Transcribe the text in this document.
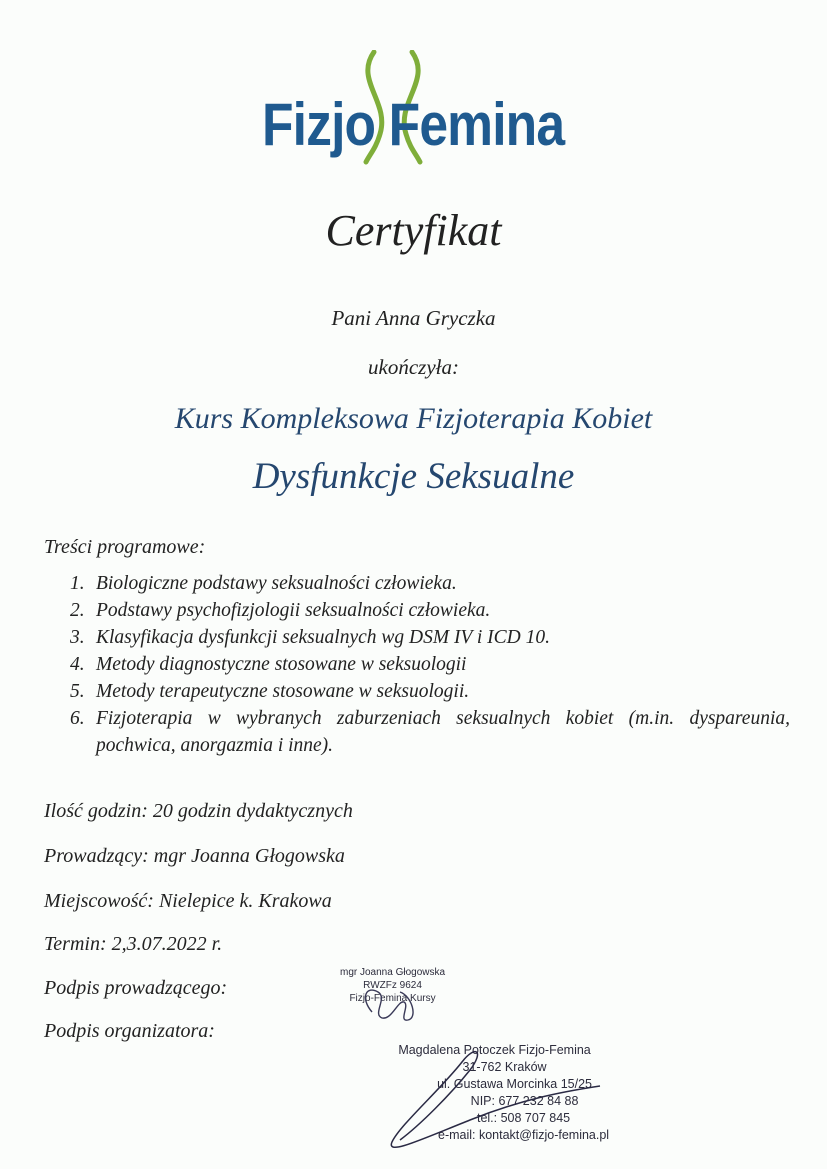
Fizjo Femina
Certyfikat
Pani Anna Gryczka
ukończyła:
Kurs Kompleksowa Fizjoterapia Kobiet
Dysfunkcje Seksualne
Treści programowe:
1. Biologiczne podstawy seksualności człowieka.
2. Podstawy psychofizjologii seksualności człowieka.
3. Klasyfikacja dysfunkcji seksualnych wg DSM IV i ICD 10.
4. Metody diagnostyczne stosowane w seksuologii
5. Metody terapeutyczne stosowane w seksuologii.
6. Fizjoterapia w wybranych zaburzeniach seksualnych kobiet (m.in. dyspareunia, pochwica, anorgazmia i inne).
Ilość godzin: 20 godzin dydaktycznych
Prowadzący: mgr Joanna Głogowska
Miejscowość: Nielepice k. Krakowa
Termin: 2,3.07.2022 r.
Podpis prowadzącego:
Podpis organizatora:
mgr Joanna Głogowska
RWZFz 9624
Fizjo-Femina Kursy
Magdalena Potoczek Fizjo-Femina
31-762 Kraków
ul. Gustawa Morcinka 15/25
NIP: 677 232 84 88
tel.: 508 707 845
e-mail: kontakt@fizjo-femina.pl
